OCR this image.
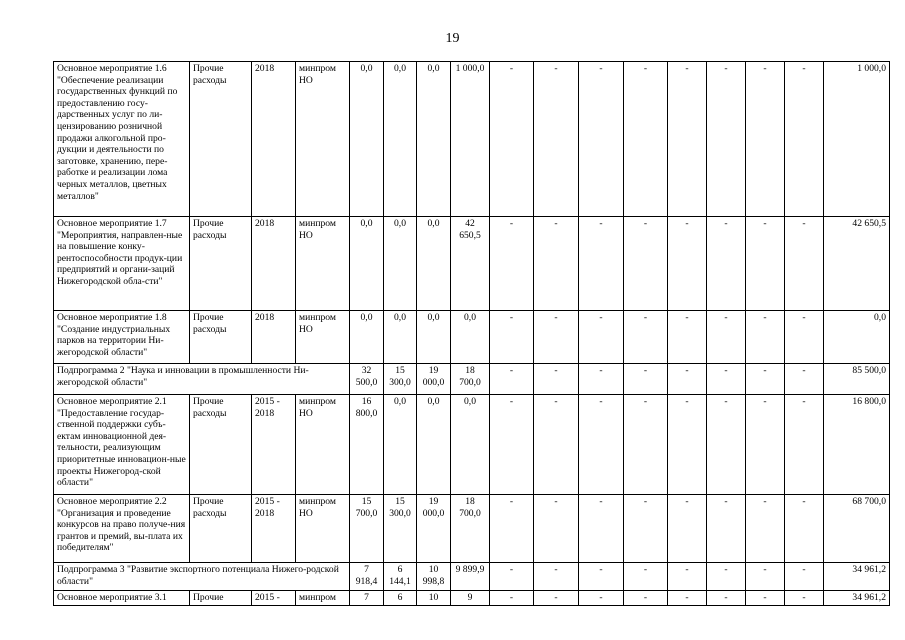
19
Основное мероприятие 1.6 "Обеспечение реализации государственных функций по предоставлению госу-дарственных услуг по ли-цензированию розничной продажи алкогольной про-дукции и деятельности по заготовке, хранению, пере-работке и реализации лома черных металлов, цветных металлов"	Прочие расходы	2018	минпром НО	0,0	0,0	0,0	1 000,0	-	-	-	-	-	-	-	-	1 000,0
Основное мероприятие 1.7 "Мероприятия, направлен-ные на повышение конку-рентоспособности продук-ции предприятий и органи-заций Нижегородской обла-сти"	Прочие расходы	2018	минпром НО	0,0	0,0	0,0	42 650,5	-	-	-	-	-	-	-	-	42 650,5
Основное мероприятие 1.8 "Создание индустриальных парков на территории Ни-жегородской области"	Прочие расходы	2018	минпром НО	0,0	0,0	0,0	0,0	-	-	-	-	-	-	-	-	0,0
Подпрограмма 2 "Наука и инновации в промышленности Ни-жегородской области"				32 500,0	15 300,0	19 000,0	18 700,0	-	-	-	-	-	-	-	-	85 500,0
Основное мероприятие 2.1 "Предоставление государ-ственной поддержки субъ-ектам инновационной дея-тельности, реализующим приоритетные инновацион-ные проекты Нижегород-ской области"	Прочие расходы	2015 - 2018	минпром НО	16 800,0	0,0	0,0	0,0	-	-	-	-	-	-	-	-	16 800,0
Основное мероприятие 2.2 "Организация и проведение конкурсов на право получе-ния грантов и премий, вы-плата их победителям"	Прочие расходы	2015 - 2018	минпром НО	15 700,0	15 300,0	19 000,0	18 700,0	-	-	-	-	-	-	-	-	68 700,0
Подпрограмма 3 "Развитие экспортного потенциала Нижего-родской области"				7 918,4	6 144,1	10 998,8	9 899,9	-	-	-	-	-	-	-	-	34 961,2
Основное мероприятие 3.1	Прочие	2015 -	минпром	7	6	10	9	-	-	-	-	-	-	-	-	34 961,2
